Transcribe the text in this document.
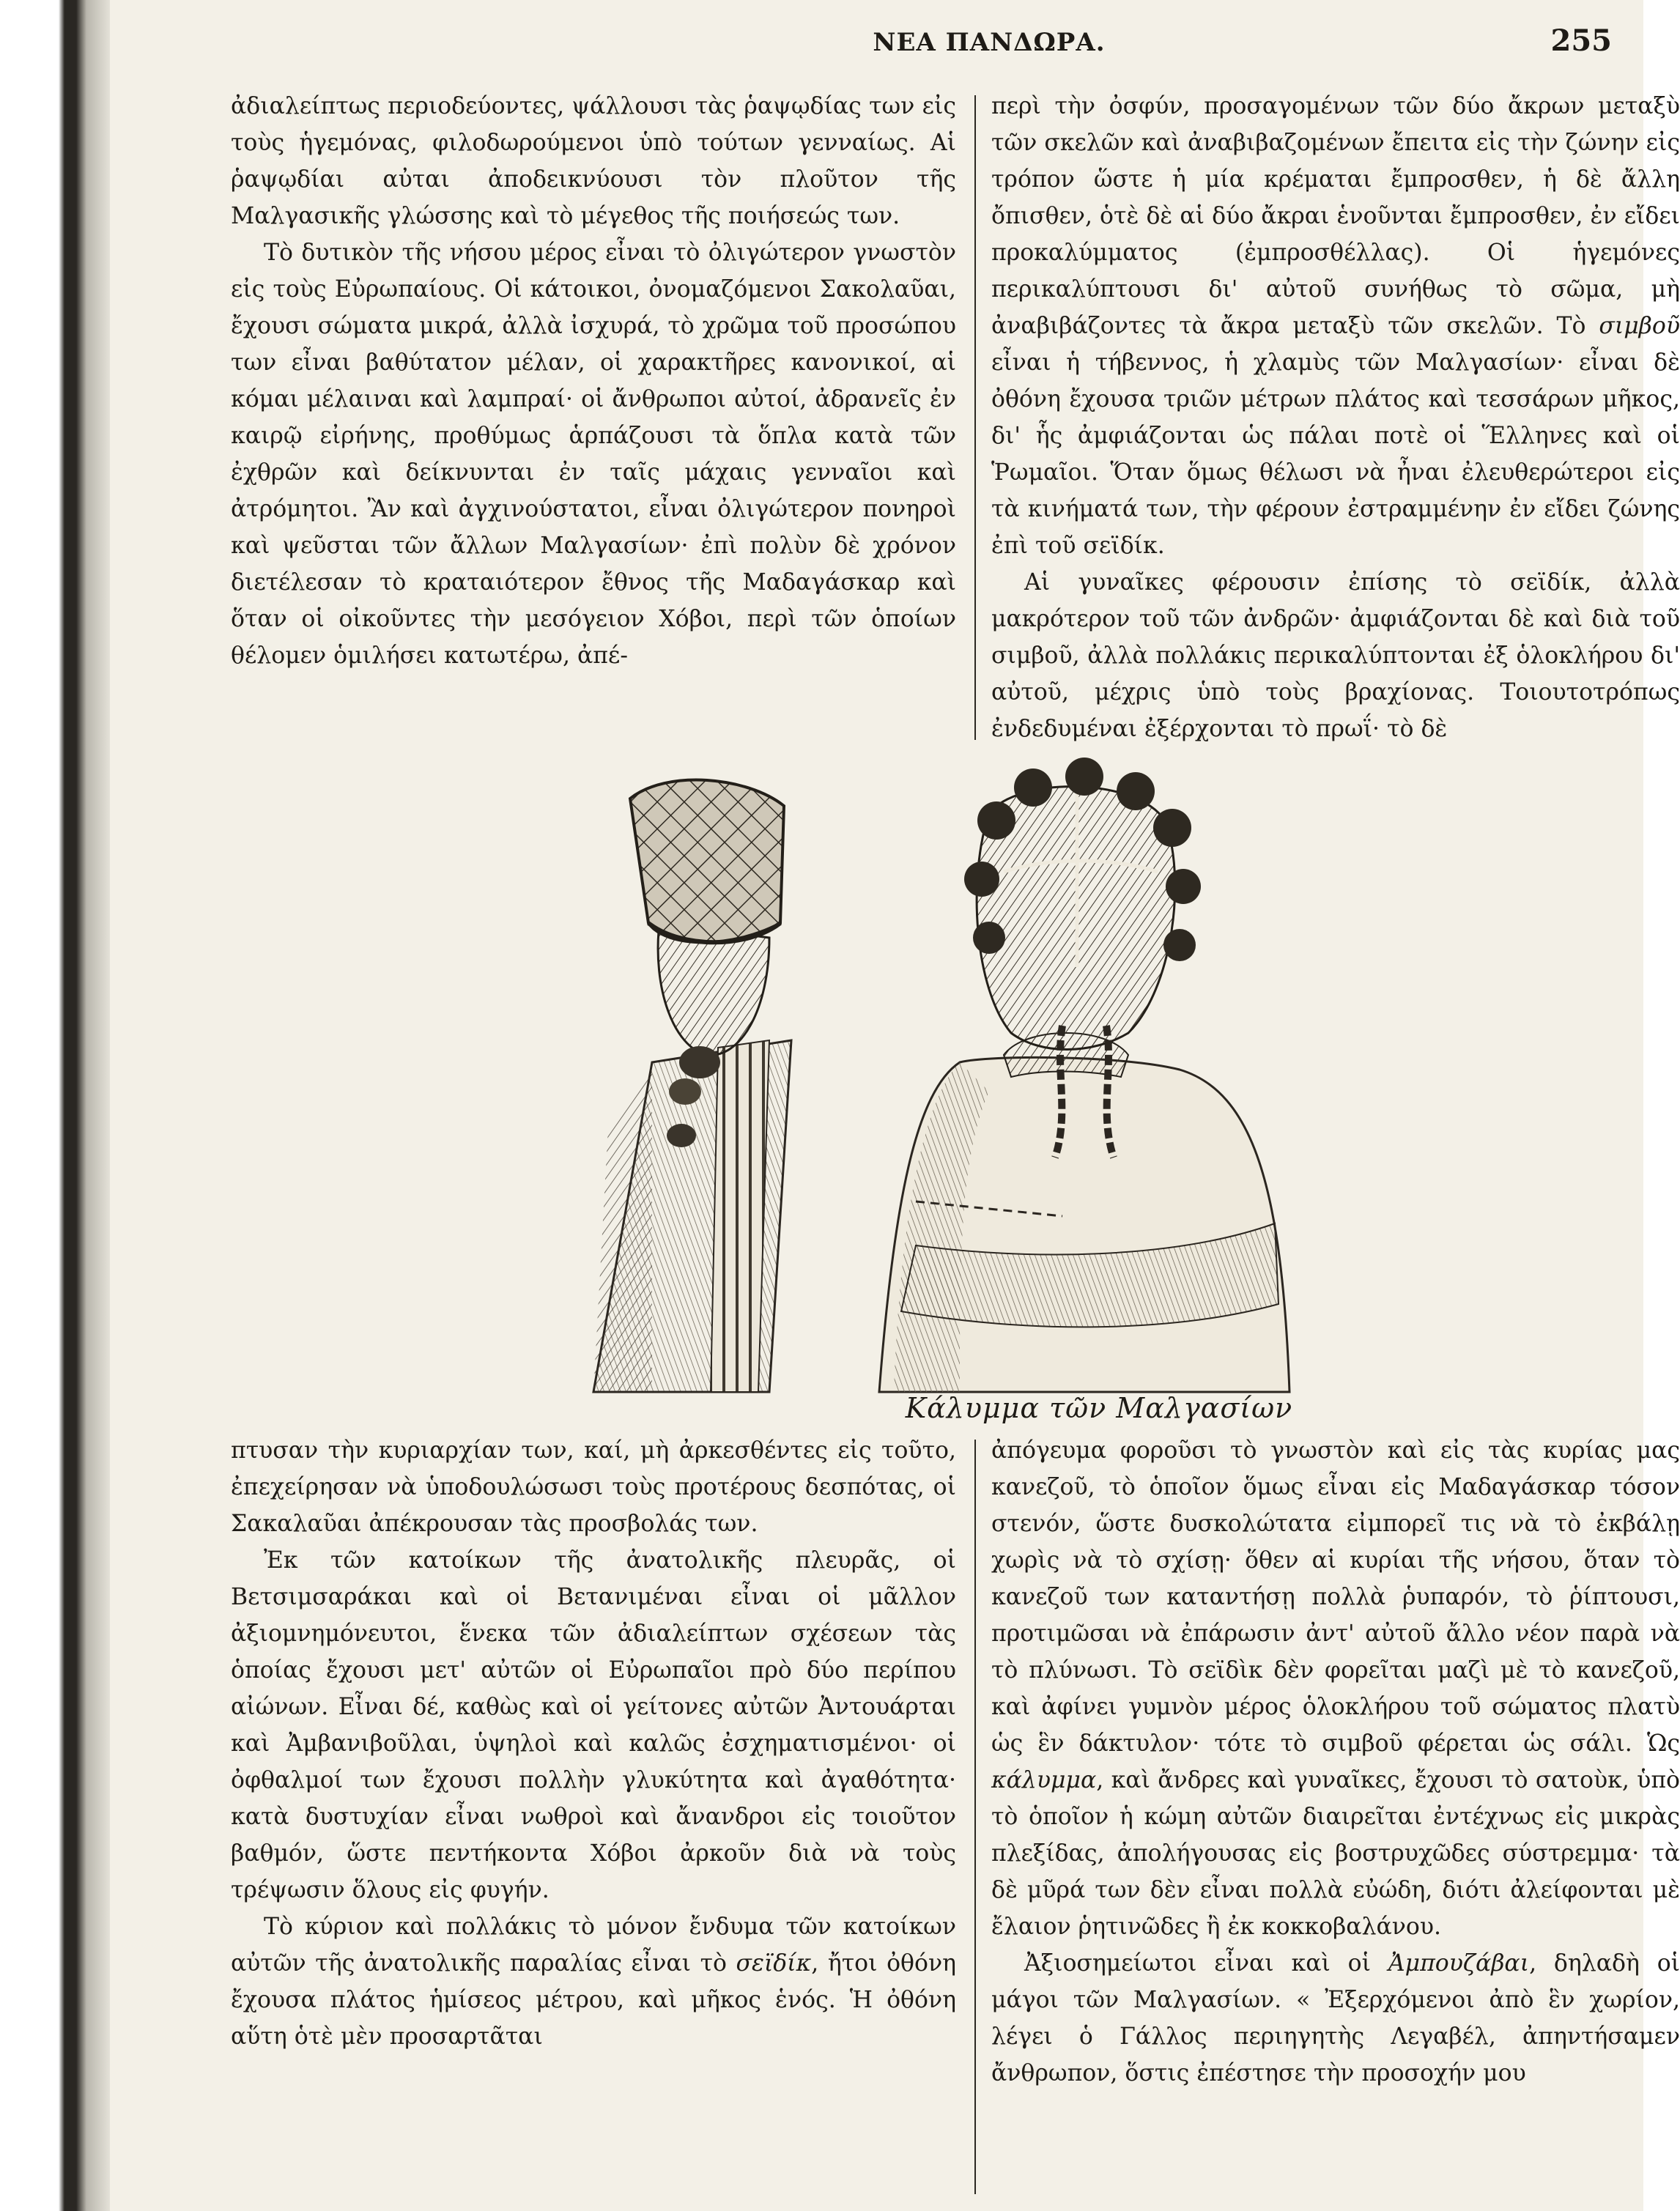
ΝΕΑ ΠΑΝΔΩΡΑ.	255

ἀδιαλείπτως περιοδεύοντες, ψάλλουσι τὰς ῥαψῳδίας των εἰς τοὺς ἡγεμόνας, φιλοδωρούμενοι ὑπὸ τούτων γενναίως. Αἱ ῥαψῳδίαι αὐται ἀποδεικνύουσι τὸν πλοῦτον τῆς Μαλγασικῆς γλώσσης καὶ τὸ μέγεθος τῆς ποιήσεώς των.

Τὸ δυτικὸν τῆς νήσου μέρος εἶναι τὸ ὀλιγώτερον γνωστὸν εἰς τοὺς Εὐρωπαίους. Οἱ κάτοικοι, ὀνομαζόμενοι Σακολαῦαι, ἔχουσι σώματα μικρά, ἀλλὰ ἰσχυρά, τὸ χρῶμα τοῦ προσώπου των εἶναι βαθύτατον μέλαν, οἱ χαρακτῆρες κανονικοί, αἱ κόμαι μέλαιναι καὶ λαμπραί· οἱ ἄνθρωποι αὐτοί, ἀδρανεῖς ἐν καιρῷ εἰρήνης, προθύμως ἁρπάζουσι τὰ ὅπλα κατὰ τῶν ἐχθρῶν καὶ δείκνυνται ἐν ταῖς μάχαις γενναῖοι καὶ ἀτρόμητοι. Ἂν καὶ ἀγχινούστατοι, εἶναι ὀλιγώτερον πονηροὶ καὶ ψεῦσται τῶν ἄλλων Μαλγασίων· ἐπὶ πολὺν δὲ χρόνον διετέλεσαν τὸ κραταιότερον ἔθνος τῆς Μαδαγάσκαρ καὶ ὅταν οἱ οἰκοῦντες τὴν μεσόγειον Χόβοι, περὶ τῶν ὁποίων θέλομεν ὁμιλήσει κατωτέρω, ἀπέ-

περὶ τὴν ὀσφύν, προσαγομένων τῶν δύο ἄκρων μεταξὺ τῶν σκελῶν καὶ ἀναβιβαζομένων ἔπειτα εἰς τὴν ζώνην εἰς τρόπον ὥστε ἡ μία κρέμαται ἔμπροσθεν, ἡ δὲ ἄλλη ὄπισθεν, ὁτὲ δὲ αἱ δύο ἄκραι ἑνοῦνται ἔμπροσθεν, ἐν εἴδει προκαλύμματος (ἐμπροσθέλλας). Οἱ ἡγεμόνες περικαλύπτουσι δι' αὐτοῦ συνήθως τὸ σῶμα, μὴ ἀναβιβάζοντες τὰ ἄκρα μεταξὺ τῶν σκελῶν. Τὸ σιμβοῦ εἶναι ἡ τήβεννος, ἡ χλαμὺς τῶν Μαλγασίων· εἶναι δὲ ὀθόνη ἔχουσα τριῶν μέτρων πλάτος καὶ τεσσάρων μῆκος, δι' ἧς ἀμφιάζονται ὡς πάλαι ποτὲ οἱ Ἕλληνες καὶ οἱ Ῥωμαῖοι. Ὅταν ὅμως θέλωσι νὰ ἦναι ἐλευθερώτεροι εἰς τὰ κινήματά των, τὴν φέρουν ἐστραμμένην ἐν εἴδει ζώνης ἐπὶ τοῦ σεϊδίκ.

Αἱ γυναῖκες φέρουσιν ἐπίσης τὸ σεϊδίκ, ἀλλὰ μακρότερον τοῦ τῶν ἀνδρῶν· ἀμφιάζονται δὲ καὶ διὰ τοῦ σιμβοῦ, ἀλλὰ πολλάκις περικαλύπτονται ἐξ ὁλοκλήρου δι' αὐτοῦ, μέχρις ὑπὸ τοὺς βραχίονας. Τοιουτοτρόπως ἐνδεδυμέναι ἐξέρχονται τὸ πρωΐ· τὸ δὲ

Κάλυμμα τῶν Μαλγασίων

πτυσαν τὴν κυριαρχίαν των, καί, μὴ ἀρκεσθέντες εἰς τοῦτο, ἐπεχείρησαν νὰ ὑποδουλώσωσι τοὺς προτέρους δεσπότας, οἱ Σακαλαῦαι ἀπέκρουσαν τὰς προσβολάς των.

Ἐκ τῶν κατοίκων τῆς ἀνατολικῆς πλευρᾶς, οἱ Βετσιμσαράκαι καὶ οἱ Βετανιμέναι εἶναι οἱ μᾶλλον ἀξιομνημόνευτοι, ἕνεκα τῶν ἀδιαλείπτων σχέσεων τὰς ὁποίας ἔχουσι μετ' αὐτῶν οἱ Εὐρωπαῖοι πρὸ δύο περίπου αἰώνων. Εἶναι δέ, καθὼς καὶ οἱ γείτονες αὐτῶν Ἀντουάρται καὶ Ἀμβανιβοῦλαι, ὑψηλοὶ καὶ καλῶς ἐσχηματισμένοι· οἱ ὀφθαλμοί των ἔχουσι πολλὴν γλυκύτητα καὶ ἀγαθότητα· κατὰ δυστυχίαν εἶναι νωθροὶ καὶ ἄνανδροι εἰς τοιοῦτον βαθμόν, ὥστε πεντήκοντα Χόβοι ἀρκοῦν διὰ νὰ τοὺς τρέψωσιν ὅλους εἰς φυγήν.

Τὸ κύριον καὶ πολλάκις τὸ μόνον ἔνδυμα τῶν κατοίκων αὐτῶν τῆς ἀνατολικῆς παραλίας εἶναι τὸ σεϊδίκ, ἤτοι ὀθόνη ἔχουσα πλάτος ἡμίσεος μέτρου, καὶ μῆκος ἑνός. Ἡ ὀθόνη αὕτη ὁτὲ μὲν προσαρτᾶται

ἀπόγευμα φοροῦσι τὸ γνωστὸν καὶ εἰς τὰς κυρίας μας κανεζοῦ, τὸ ὁποῖον ὅμως εἶναι εἰς Μαδαγάσκαρ τόσον στενόν, ὥστε δυσκολώτατα εἰμπορεῖ τις νὰ τὸ ἐκβάλῃ χωρὶς νὰ τὸ σχίσῃ· ὅθεν αἱ κυρίαι τῆς νήσου, ὅταν τὸ κανεζοῦ των καταντήσῃ πολλὰ ῥυπαρόν, τὸ ῥίπτουσι, προτιμῶσαι νὰ ἐπάρωσιν ἀντ' αὐτοῦ ἄλλο νέον παρὰ νὰ τὸ πλύνωσι. Τὸ σεϊδὶκ δὲν φορεῖται μαζὶ μὲ τὸ κανεζοῦ, καὶ ἀφίνει γυμνὸν μέρος ὁλοκλήρου τοῦ σώματος πλατὺ ὡς ἓν δάκτυλον· τότε τὸ σιμβοῦ φέρεται ὡς σάλι. Ὡς κάλυμμα, καὶ ἄνδρες καὶ γυναῖκες, ἔχουσι τὸ σατοὺκ, ὑπὸ τὸ ὁποῖον ἡ κώμη αὐτῶν διαιρεῖται ἐντέχνως εἰς μικρὰς πλεξίδας, ἀπολήγουσας εἰς βοστρυχῶδες σύστρεμμα· τὰ δὲ μῦρά των δὲν εἶναι πολλὰ εὐώδη, διότι ἀλείφονται μὲ ἔλαιον ῥητινῶδες ἢ ἐκ κοκκοβαλάνου.

Ἀξιοσημείωτοι εἶναι καὶ οἱ Ἀμπουζάβαι, δηλαδὴ οἱ μάγοι τῶν Μαλγασίων. « Ἐξερχόμενοι ἀπὸ ἓν χωρίον, λέγει ὁ Γάλλος περιηγητὴς Λεγαβέλ, ἀπηντήσαμεν ἄνθρωπον, ὅστις ἐπέστησε τὴν προσοχήν μου
